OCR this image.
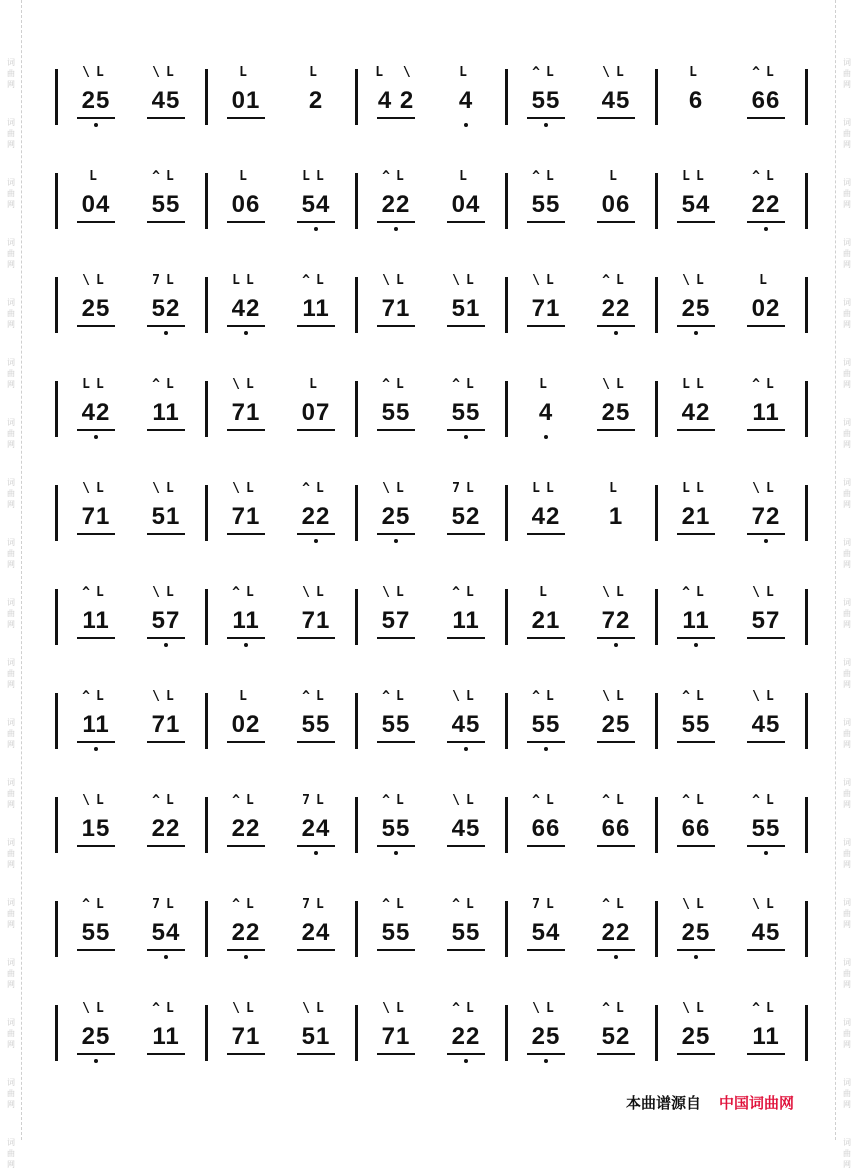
词
曲
网
词
曲
网
词
曲
网
词
曲
网
词
曲
网
词
曲
网
词
曲
网
词
曲
网
词
曲
网
词
曲
网
词
曲
网
词
曲
网
词
曲
网
词
曲
网
词
曲
网
词
曲
网
词
曲
网
词
曲
网
词
曲
网
词
曲
网
词
曲
网
词
曲
网
词
曲
网
词
曲
网
词
曲
网
词
曲
网
词
曲
网
词
曲
网
词
曲
网
词
曲
网
词
曲
网
词
曲
网
词
曲
网
词
曲
网
词
曲
网
词
曲
网
词
曲
网
词
曲
网
\L
25
\L
45
L
01
L
2
L \
4 2
L
4
^L
55
\L
45
L
6
^L
66
L
04
^L
55
L
06
LL
54
^L
22
L
04
^L
55
L
06
LL
54
^L
22
\L
25
7L
52
LL
42
^L
11
\L
71
\L
51
\L
71
^L
22
\L
25
L
02
LL
42
^L
11
\L
71
L
07
^L
55
^L
55
L
4
\L
25
LL
42
^L
11
\L
71
\L
51
\L
71
^L
22
\L
25
7L
52
LL
42
L
1
LL
21
\L
72
^L
11
\L
57
^L
11
\L
71
\L
57
^L
11
L
21
\L
72
^L
11
\L
57
^L
11
\L
71
L
02
^L
55
^L
55
\L
45
^L
55
\L
25
^L
55
\L
45
\L
15
^L
22
^L
22
7L
24
^L
55
\L
45
^L
66
^L
66
^L
66
^L
55
^L
55
7L
54
^L
22
7L
24
^L
55
^L
55
7L
54
^L
22
\L
25
\L
45
\L
25
^L
11
\L
71
\L
51
\L
71
^L
22
\L
25
^L
52
\L
25
^L
11
本曲谱源自 中国词曲网
